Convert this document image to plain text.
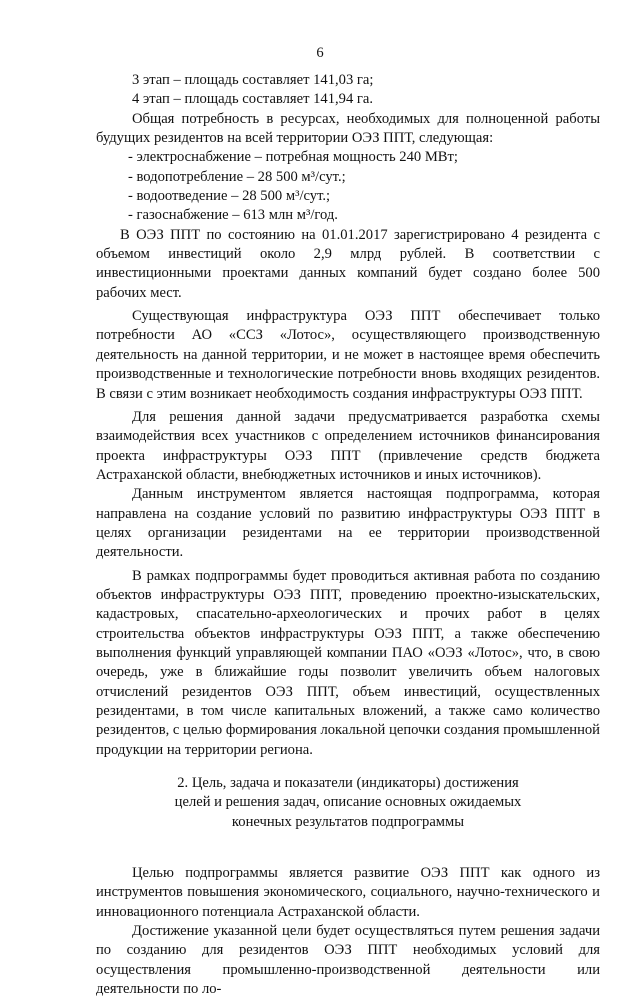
6

3 этап – площадь составляет 141,03 га;

4 этап – площадь составляет 141,94 га.

Общая потребность в ресурсах, необходимых для полноценной работы будущих резидентов на всей территории ОЭЗ ППТ, следующая:

- электроснабжение – потребная мощность 240 МВт;

- водопотребление – 28 500 м³/сут.;

- водоотведение – 28 500 м³/сут.;

- газоснабжение – 613 млн м³/год.

В ОЭЗ ППТ по состоянию на 01.01.2017 зарегистрировано 4 резидента с объемом инвестиций около 2,9 млрд рублей. В соответствии с инвестиционными проектами данных компаний будет создано более 500 рабочих мест.

Существующая инфраструктура ОЭЗ ППТ обеспечивает только потребности АО «ССЗ «Лотос», осуществляющего производственную деятельность на данной территории, и не может в настоящее время обеспечить производственные и технологические потребности вновь входящих резидентов. В связи с этим возникает необходимость создания инфраструктуры ОЭЗ ППТ.

Для решения данной задачи предусматривается разработка схемы взаимодействия всех участников с определением источников финансирования проекта инфраструктуры ОЭЗ ППТ (привлечение средств бюджета Астраханской области, внебюджетных источников и иных источников).

Данным инструментом является настоящая подпрограмма, которая направлена на создание условий по развитию инфраструктуры ОЭЗ ППТ в целях организации резидентами на ее территории производственной деятельности.

В рамках подпрограммы будет проводиться активная работа по созданию объектов инфраструктуры ОЭЗ ППТ, проведению проектно-изыскательских, кадастровых, спасательно-археологических и прочих работ в целях строительства объектов инфраструктуры ОЭЗ ППТ, а также обеспечению выполнения функций управляющей компании ПАО «ОЭЗ «Лотос», что, в свою очередь, уже в ближайшие годы позволит увеличить объем налоговых отчислений резидентов ОЭЗ ППТ, объем инвестиций, осуществленных резидентами, в том числе капитальных вложений, а также само количество резидентов, с целью формирования локальной цепочки создания промышленной продукции на территории региона.

2. Цель, задача и показатели (индикаторы) достижения
целей и решения задач, описание основных ожидаемых
конечных результатов подпрограммы

Целью подпрограммы является развитие ОЭЗ ППТ как одного из инструментов повышения экономического, социального, научно-технического и инновационного потенциала Астраханской области.

Достижение указанной цели будет осуществляться путем решения задачи по созданию для резидентов ОЭЗ ППТ необходимых условий для осуществления промышленно-производственной деятельности или деятельности по ло-
